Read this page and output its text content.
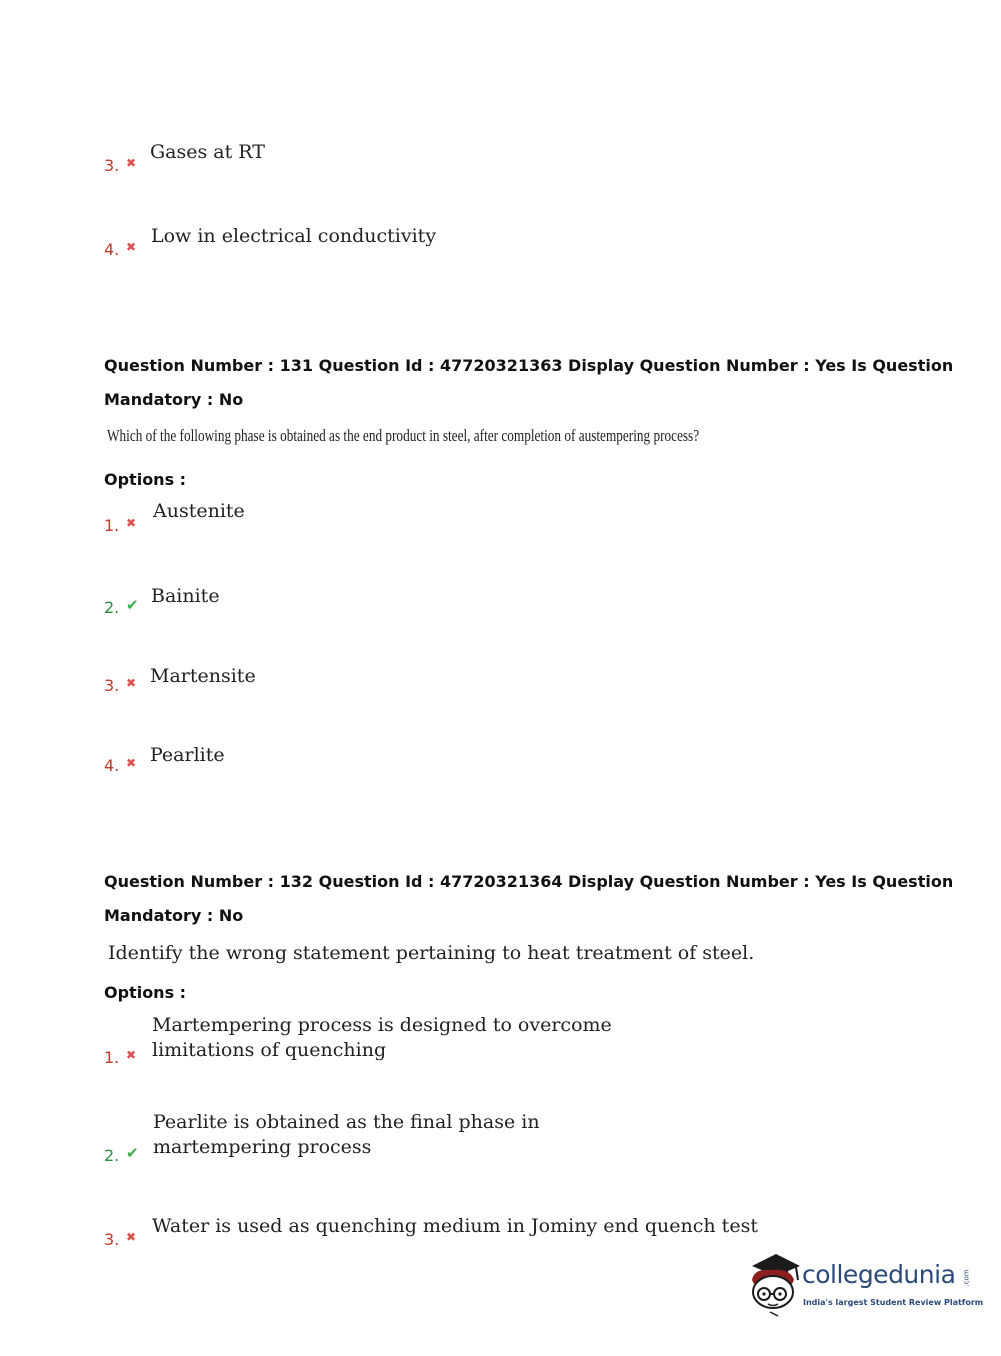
3. ✖ Gases at RT
4. ✖ Low in electrical conductivity
Question Number : 131 Question Id : 47720321363 Display Question Number : Yes Is Question
Mandatory : No
Which of the following phase is obtained as the end product in steel, after completion of austempering process?
Options :
1. ✖
Austenite
2. ✔ Bainite
3. ✖ Martensite
4. ✖ Pearlite
Question Number : 132 Question Id : 47720321364 Display Question Number : Yes Is Question
Mandatory : No
Identify the wrong statement pertaining to heat treatment of steel.
Options :
1. ✖
Martempering process is designed to overcome
limitations of quenching
2. ✔
Pearlite is obtained as the final phase in
martempering process
3. ✖ Water is used as quenching medium in Jominy end quench test
collegedunia .com
India's largest Student Review Platform
